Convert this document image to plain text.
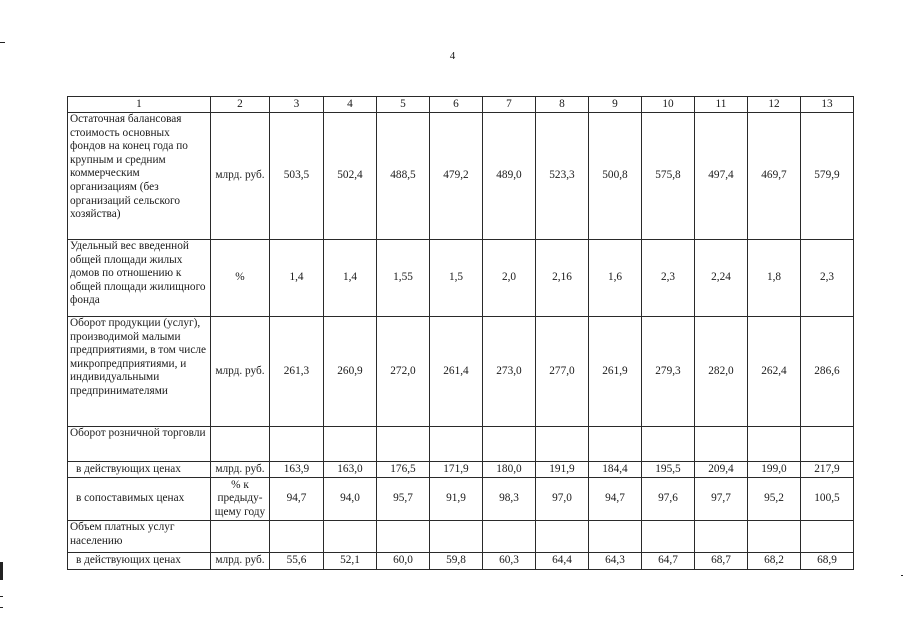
4
1	2	3	4	5	6	7	8	9	10	11	12	13
Остаточная балансовая стоимость основных фондов на конец года по крупным и средним коммерческим организациям (без организаций сельского хозяйства)	млрд. руб.	503,5	502,4	488,5	479,2	489,0	523,3	500,8	575,8	497,4	469,7	579,9
Удельный вес введенной общей площади жилых домов по отношению к общей площади жилищного фонда	%	1,4	1,4	1,55	1,5	2,0	2,16	1,6	2,3	2,24	1,8	2,3
Оборот продукции (услуг), производимой малыми предприятиями, в том числе микропредприятиями, и индивидуальными предпринимателями	млрд. руб.	261,3	260,9	272,0	261,4	273,0	277,0	261,9	279,3	282,0	262,4	286,6
Оборот розничной торговли												
в действующих ценах	млрд. руб.	163,9	163,0	176,5	171,9	180,0	191,9	184,4	195,5	209,4	199,0	217,9
в сопоставимых ценах	% к предыду-щему году	94,7	94,0	95,7	91,9	98,3	97,0	94,7	97,6	97,7	95,2	100,5
Объем платных услуг населению												
в действующих ценах	млрд. руб.	55,6	52,1	60,0	59,8	60,3	64,4	64,3	64,7	68,7	68,2	68,9
